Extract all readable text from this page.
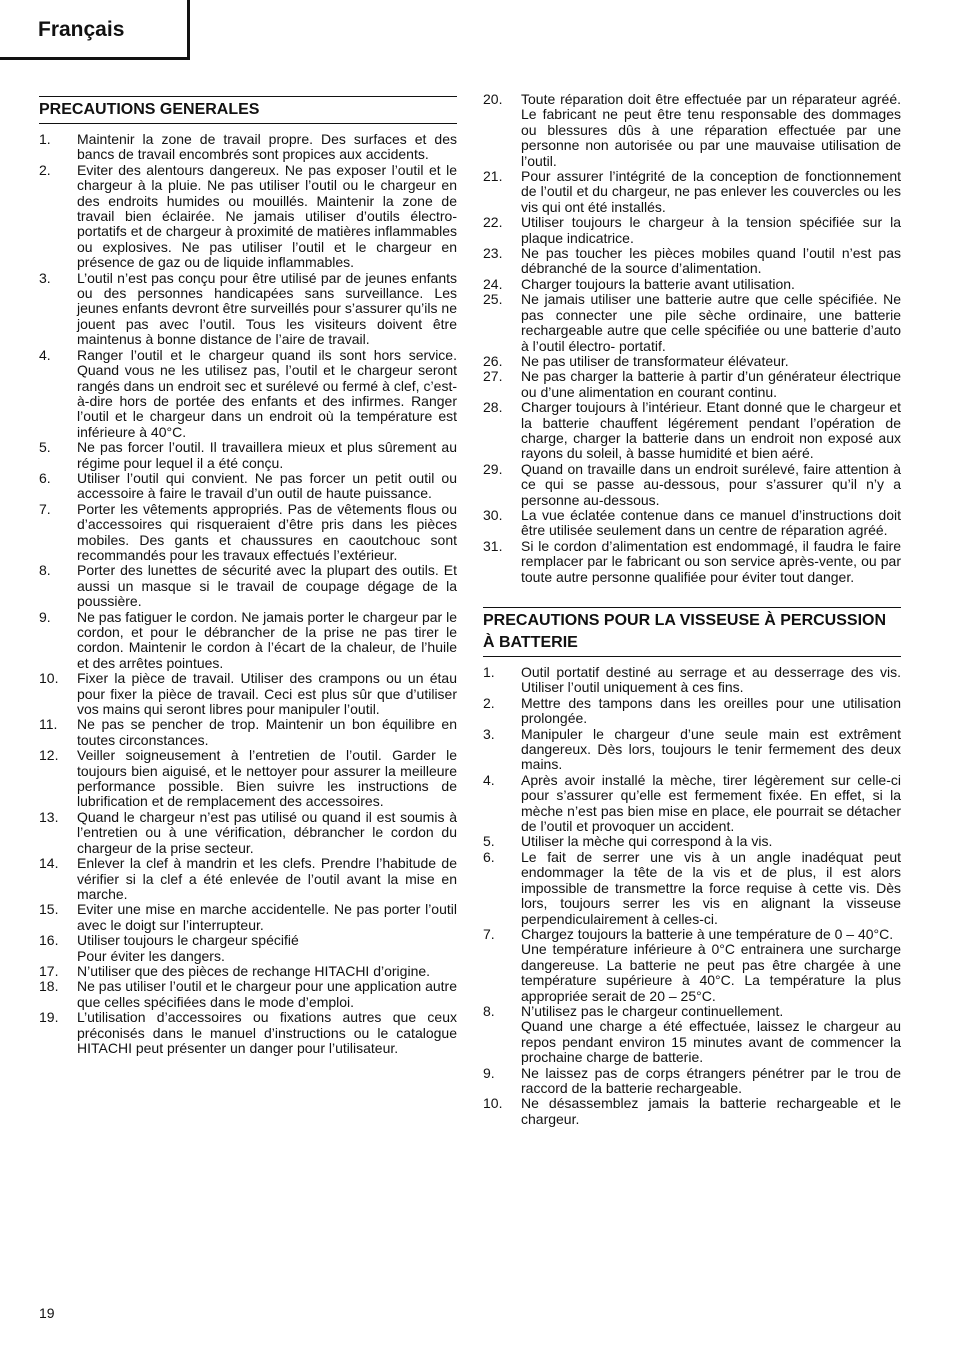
Français
PRECAUTIONS GENERALES
1. Maintenir la zone de travail propre. Des surfaces et des bancs de travail encombrés sont propices aux accidents.
2. Eviter des alentours dangereux. Ne pas exposer l’outil et le chargeur à la pluie. Ne pas utiliser l’outil ou le chargeur en des endroits humides ou mouillés. Maintenir la zone de travail bien éclairée. Ne jamais utiliser d’outils électro-portatifs et de chargeur à proximité de matières inflammables ou explosives. Ne pas utiliser l’outil et le chargeur en présence de gaz ou de liquide inflammables.
3. L’outil n’est pas conçu pour être utilisé par de jeunes enfants ou des personnes handicapées sans surveillance. Les jeunes enfants devront être surveillés pour s’assurer qu’ils ne jouent pas avec l’outil. Tous les visiteurs doivent être maintenus à bonne distance de l’aire de travail.
4. Ranger l’outil et le chargeur quand ils sont hors service. Quand vous ne les utilisez pas, l’outil et le chargeur seront rangés dans un endroit sec et surélevé ou fermé à clef, c’est-à-dire hors de portée des enfants et des infirmes. Ranger l’outil et le chargeur dans un endroit où la température est inférieure à 40°C.
5. Ne pas forcer l’outil. Il travaillera mieux et plus sûrement au régime pour lequel il a été conçu.
6. Utiliser l’outil qui convient. Ne pas forcer un petit outil ou accessoire à faire le travail d’un outil de haute puissance.
7. Porter les vêtements appropriés. Pas de vêtements flous ou d’accessoires qui risqueraient d’être pris dans les pièces mobiles. Des gants et chaussures en caoutchouc sont recommandés pour les travaux effectués l’extérieur.
8. Porter des lunettes de sécurité avec la plupart des outils. Et aussi un masque si le travail de coupage dégage de la poussière.
9. Ne pas fatiguer le cordon. Ne jamais porter le chargeur par le cordon, et pour le débrancher de la prise ne pas tirer le cordon. Maintenir le cordon à l’écart de la chaleur, de l’huile et des arrêtes pointues.
10. Fixer la pièce de travail. Utiliser des crampons ou un étau pour fixer la pièce de travail. Ceci est plus sûr que d’utiliser vos mains qui seront libres pour manipuler l’outil.
11. Ne pas se pencher de trop. Maintenir un bon équilibre en toutes circonstances.
12. Veiller soigneusement à l’entretien de l’outil. Garder le toujours bien aiguisé, et le nettoyer pour assurer la meilleure performance possible. Bien suivre les instructions de lubrification et de remplacement des accessoires.
13. Quand le chargeur n’est pas utilisé ou quand il est soumis à l’entretien ou à une vérification, débrancher le cordon du chargeur de la prise secteur.
14. Enlever la clef à mandrin et les clefs. Prendre l’habitude de vérifier si la clef a été enlevée de l’outil avant la mise en marche.
15. Eviter une mise en marche accidentelle. Ne pas porter l’outil avec le doigt sur l’interrupteur.
16. Utiliser toujours le chargeur spécifié
Pour éviter les dangers.
17. N’utiliser que des pièces de rechange HITACHI d’origine.
18. Ne pas utiliser l’outil et le chargeur pour une application autre que celles spécifiées dans le mode d’emploi.
19. L’utilisation d’accessoires ou fixations autres que ceux préconisés dans le manuel d’instructions ou le catalogue HITACHI peut présenter un danger pour l’utilisateur.
20. Toute réparation doit être effectuée par un réparateur agréé. Le fabricant ne peut être tenu responsable des dommages ou blessures dûs à une réparation effectuée par une personne non autorisée ou par une mauvaise utilisation de l’outil.
21. Pour assurer l’intégrité de la conception de fonctionnement de l’outil et du chargeur, ne pas enlever les couvercles ou les vis qui ont été installés.
22. Utiliser toujours le chargeur à la tension spécifiée sur la plaque indicatrice.
23. Ne pas toucher les pièces mobiles quand l’outil n’est pas débranché de la source d’alimentation.
24. Charger toujours la batterie avant utilisation.
25. Ne jamais utiliser une batterie autre que celle spécifiée. Ne pas connecter une pile sèche ordinaire, une batterie rechargeable autre que celle spécifiée ou une batterie d’auto à l’outil électro- portatif.
26. Ne pas utiliser de transformateur élévateur.
27. Ne pas charger la batterie à partir d’un générateur électrique ou d’une alimentation en courant continu.
28. Charger toujours à l’intérieur. Etant donné que le chargeur et la batterie chauffent légérement pendant l’opération de charge, charger la batterie dans un endroit non exposé aux rayons du soleil, à basse humidité et bien aéré.
29. Quand on travaille dans un endroit surélevé, faire attention à ce qui se passe au-dessous, pour s’assurer qu’il n’y a personne au-dessous.
30. La vue éclatée contenue dans ce manuel d’instructions doit être utilisée seulement dans un centre de réparation agréé.
31. Si le cordon d’alimentation est endommagé, il faudra le faire remplacer par le fabricant ou son service après-vente, ou par toute autre personne qualifiée pour éviter tout danger.
PRECAUTIONS POUR LA VISSEUSE À PERCUSSION À BATTERIE
1. Outil portatif destiné au serrage et au desserrage des vis. Utiliser l’outil uniquement à ces fins.
2. Mettre des tampons dans les oreilles pour une utilisation prolongée.
3. Manipuler le chargeur d’une seule main est extrêment dangereux. Dès lors, toujours le tenir fermement des deux mains.
4. Après avoir installé la mèche, tirer légèrement sur celle-ci pour s’assurer qu’elle est fermement fixée. En effet, si la mèche n’est pas bien mise en place, ele pourrait se détacher de l’outil et provoquer un accident.
5. Utiliser la mèche qui correspond à la vis.
6. Le fait de serrer une vis à un angle inadéquat peut endommager la tête de la vis et de plus, il est alors impossible de transmettre la force requise à cette vis. Dès lors, toujours serrer les vis en alignant la visseuse perpendiculairement à celles-ci.
7. Chargez toujours la batterie à une température de 0 – 40°C.
Une température inférieure à 0°C entrainera une surcharge dangereuse. La batterie ne peut pas être chargée à une température supérieure à 40°C. La température la plus appropriée serait de 20 – 25°C.
8. N’utilisez pas le chargeur continuellement.
Quand une charge a été effectuée, laissez le chargeur au repos pendant environ 15 minutes avant de commencer la prochaine charge de batterie.
9. Ne laissez pas de corps étrangers pénétrer par le trou de raccord de la batterie rechargeable.
10. Ne désassemblez jamais la batterie rechargeable et le chargeur.
19
